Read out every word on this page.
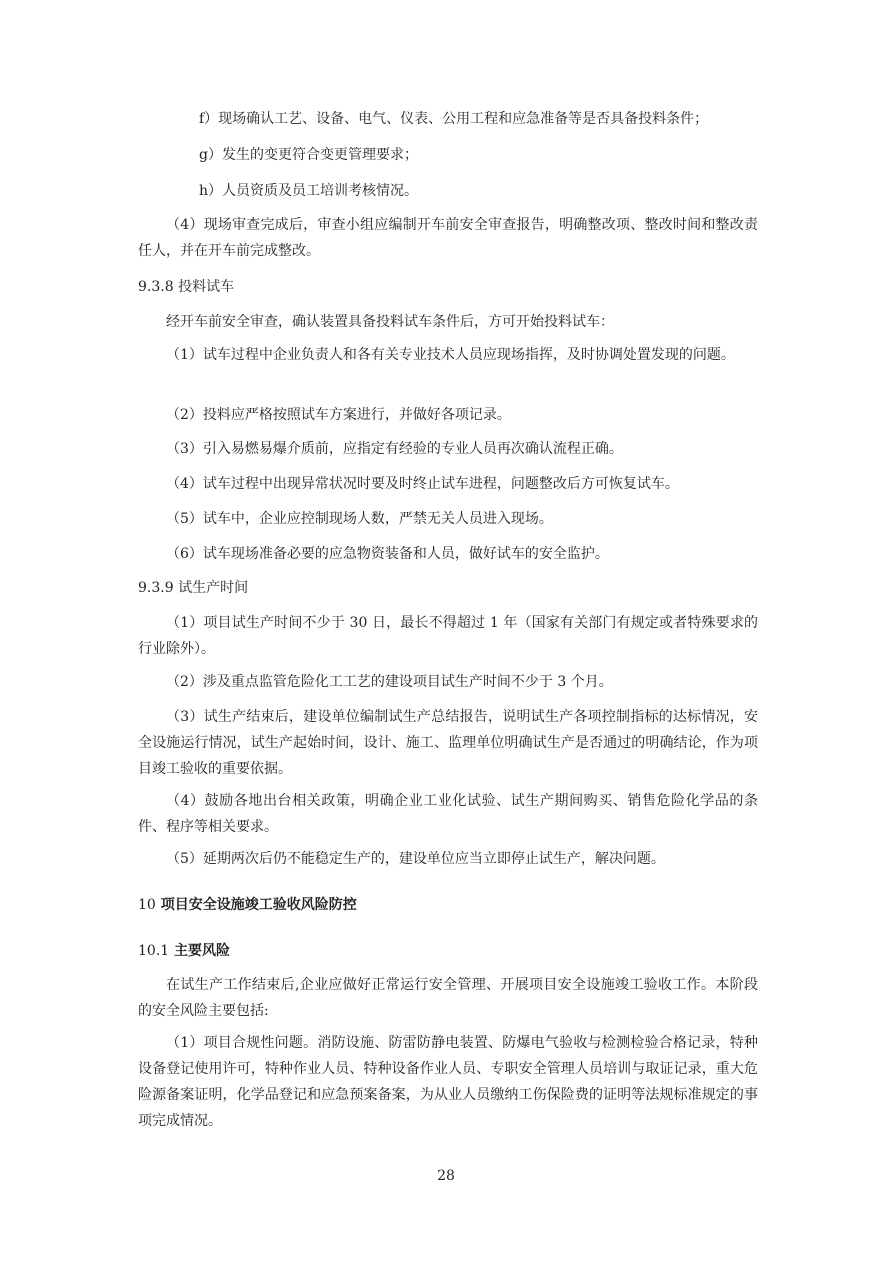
f）现场确认工艺、设备、电气、仪表、公用工程和应急准备等是否具备投料条件；

g）发生的变更符合变更管理要求；

h）人员资质及员工培训考核情况。

（4）现场审查完成后，审查小组应编制开车前安全审查报告，明确整改项、整改时间和整改责任人，并在开车前完成整改。

9.3.8 投料试车

经开车前安全审查，确认装置具备投料试车条件后，方可开始投料试车：

（1）试车过程中企业负责人和各有关专业技术人员应现场指挥，及时协调处置发现的问题。

（2）投料应严格按照试车方案进行，并做好各项记录。

（3）引入易燃易爆介质前，应指定有经验的专业人员再次确认流程正确。

（4）试车过程中出现异常状况时要及时终止试车进程，问题整改后方可恢复试车。

（5）试车中，企业应控制现场人数，严禁无关人员进入现场。

（6）试车现场准备必要的应急物资装备和人员，做好试车的安全监护。

9.3.9 试生产时间

（1）项目试生产时间不少于 30 日，最长不得超过 1 年（国家有关部门有规定或者特殊要求的行业除外）。

（2）涉及重点监管危险化工工艺的建设项目试生产时间不少于 3 个月。

（3）试生产结束后，建设单位编制试生产总结报告，说明试生产各项控制指标的达标情况，安全设施运行情况，试生产起始时间，设计、施工、监理单位明确试生产是否通过的明确结论，作为项目竣工验收的重要依据。

（4）鼓励各地出台相关政策，明确企业工业化试验、试生产期间购买、销售危险化学品的条件、程序等相关要求。

（5）延期两次后仍不能稳定生产的，建设单位应当立即停止试生产，解决问题。

10 项目安全设施竣工验收风险防控

10.1 主要风险

在试生产工作结束后,企业应做好正常运行安全管理、开展项目安全设施竣工验收工作。本阶段的安全风险主要包括:

（1）项目合规性问题。消防设施、防雷防静电装置、防爆电气验收与检测检验合格记录，特种设备登记使用许可，特种作业人员、特种设备作业人员、专职安全管理人员培训与取证记录，重大危险源备案证明，化学品登记和应急预案备案，为从业人员缴纳工伤保险费的证明等法规标准规定的事项完成情况。

28
